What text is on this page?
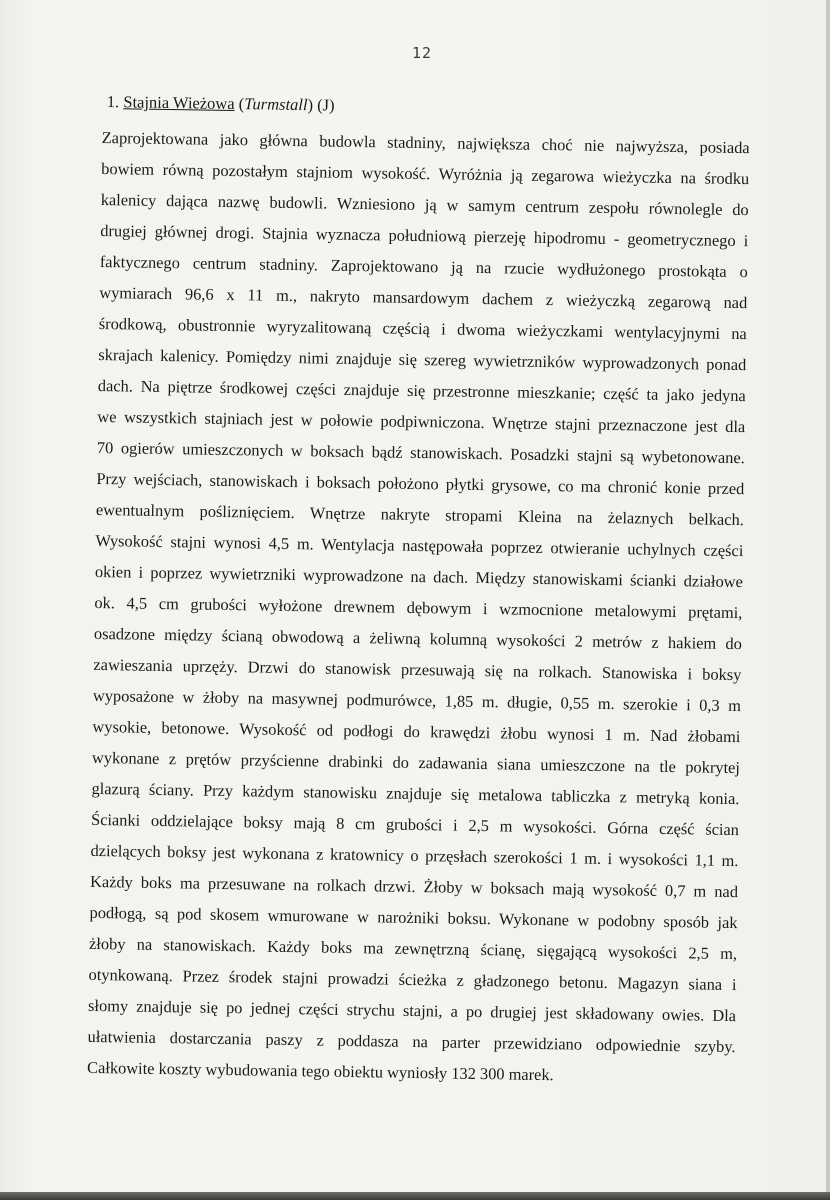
12
1. Stajnia Wieżowa (Turmstall) (J)
Zaprojektowana jako główna budowla stadniny, największa choć nie najwyższa, posiada
bowiem równą pozostałym stajniom wysokość. Wyróżnia ją zegarowa wieżyczka na środku
kalenicy dająca nazwę budowli. Wzniesiono ją w samym centrum zespołu równolegle do
drugiej głównej drogi. Stajnia wyznacza południową pierzeję hipodromu - geometrycznego i
faktycznego centrum stadniny. Zaprojektowano ją na rzucie wydłużonego prostokąta o
wymiarach 96,6 x 11 m., nakryto mansardowym dachem z wieżyczką zegarową nad
środkową, obustronnie wyryzalitowaną częścią i dwoma wieżyczkami wentylacyjnymi na
skrajach kalenicy. Pomiędzy nimi znajduje się szereg wywietrzników wyprowadzonych ponad
dach. Na piętrze środkowej części znajduje się przestronne mieszkanie; część ta jako jedyna
we wszystkich stajniach jest w połowie podpiwniczona. Wnętrze stajni przeznaczone jest dla
70 ogierów umieszczonych w boksach bądź stanowiskach. Posadzki stajni są wybetonowane.
Przy wejściach, stanowiskach i boksach położono płytki grysowe, co ma chronić konie przed
ewentualnym pośliznięciem. Wnętrze nakryte stropami Kleina na żelaznych belkach.
Wysokość stajni wynosi 4,5 m. Wentylacja następowała poprzez otwieranie uchylnych części
okien i poprzez wywietrzniki wyprowadzone na dach. Między stanowiskami ścianki działowe
ok. 4,5 cm grubości wyłożone drewnem dębowym i wzmocnione metalowymi prętami,
osadzone między ścianą obwodową a żeliwną kolumną wysokości 2 metrów z hakiem do
zawieszania uprzęży. Drzwi do stanowisk przesuwają się na rolkach. Stanowiska i boksy
wyposażone w żłoby na masywnej podmurówce, 1,85 m. długie, 0,55 m. szerokie i 0,3 m
wysokie, betonowe. Wysokość od podłogi do krawędzi żłobu wynosi 1 m. Nad żłobami
wykonane z prętów przyścienne drabinki do zadawania siana umieszczone na tle pokrytej
glazurą ściany. Przy każdym stanowisku znajduje się metalowa tabliczka z metryką konia.
Ścianki oddzielające boksy mają 8 cm grubości i 2,5 m wysokości. Górna część ścian
dzielących boksy jest wykonana z kratownicy o przęsłach szerokości 1 m. i wysokości 1,1 m.
Każdy boks ma przesuwane na rolkach drzwi. Żłoby w boksach mają wysokość 0,7 m nad
podłogą, są pod skosem wmurowane w narożniki boksu. Wykonane w podobny sposób jak
żłoby na stanowiskach. Każdy boks ma zewnętrzną ścianę, sięgającą wysokości 2,5 m,
otynkowaną. Przez środek stajni prowadzi ścieżka z gładzonego betonu. Magazyn siana i
słomy znajduje się po jednej części strychu stajni, a po drugiej jest składowany owies. Dla
ułatwienia dostarczania paszy z poddasza na parter przewidziano odpowiednie szyby.
Całkowite koszty wybudowania tego obiektu wyniosły 132 300 marek.
